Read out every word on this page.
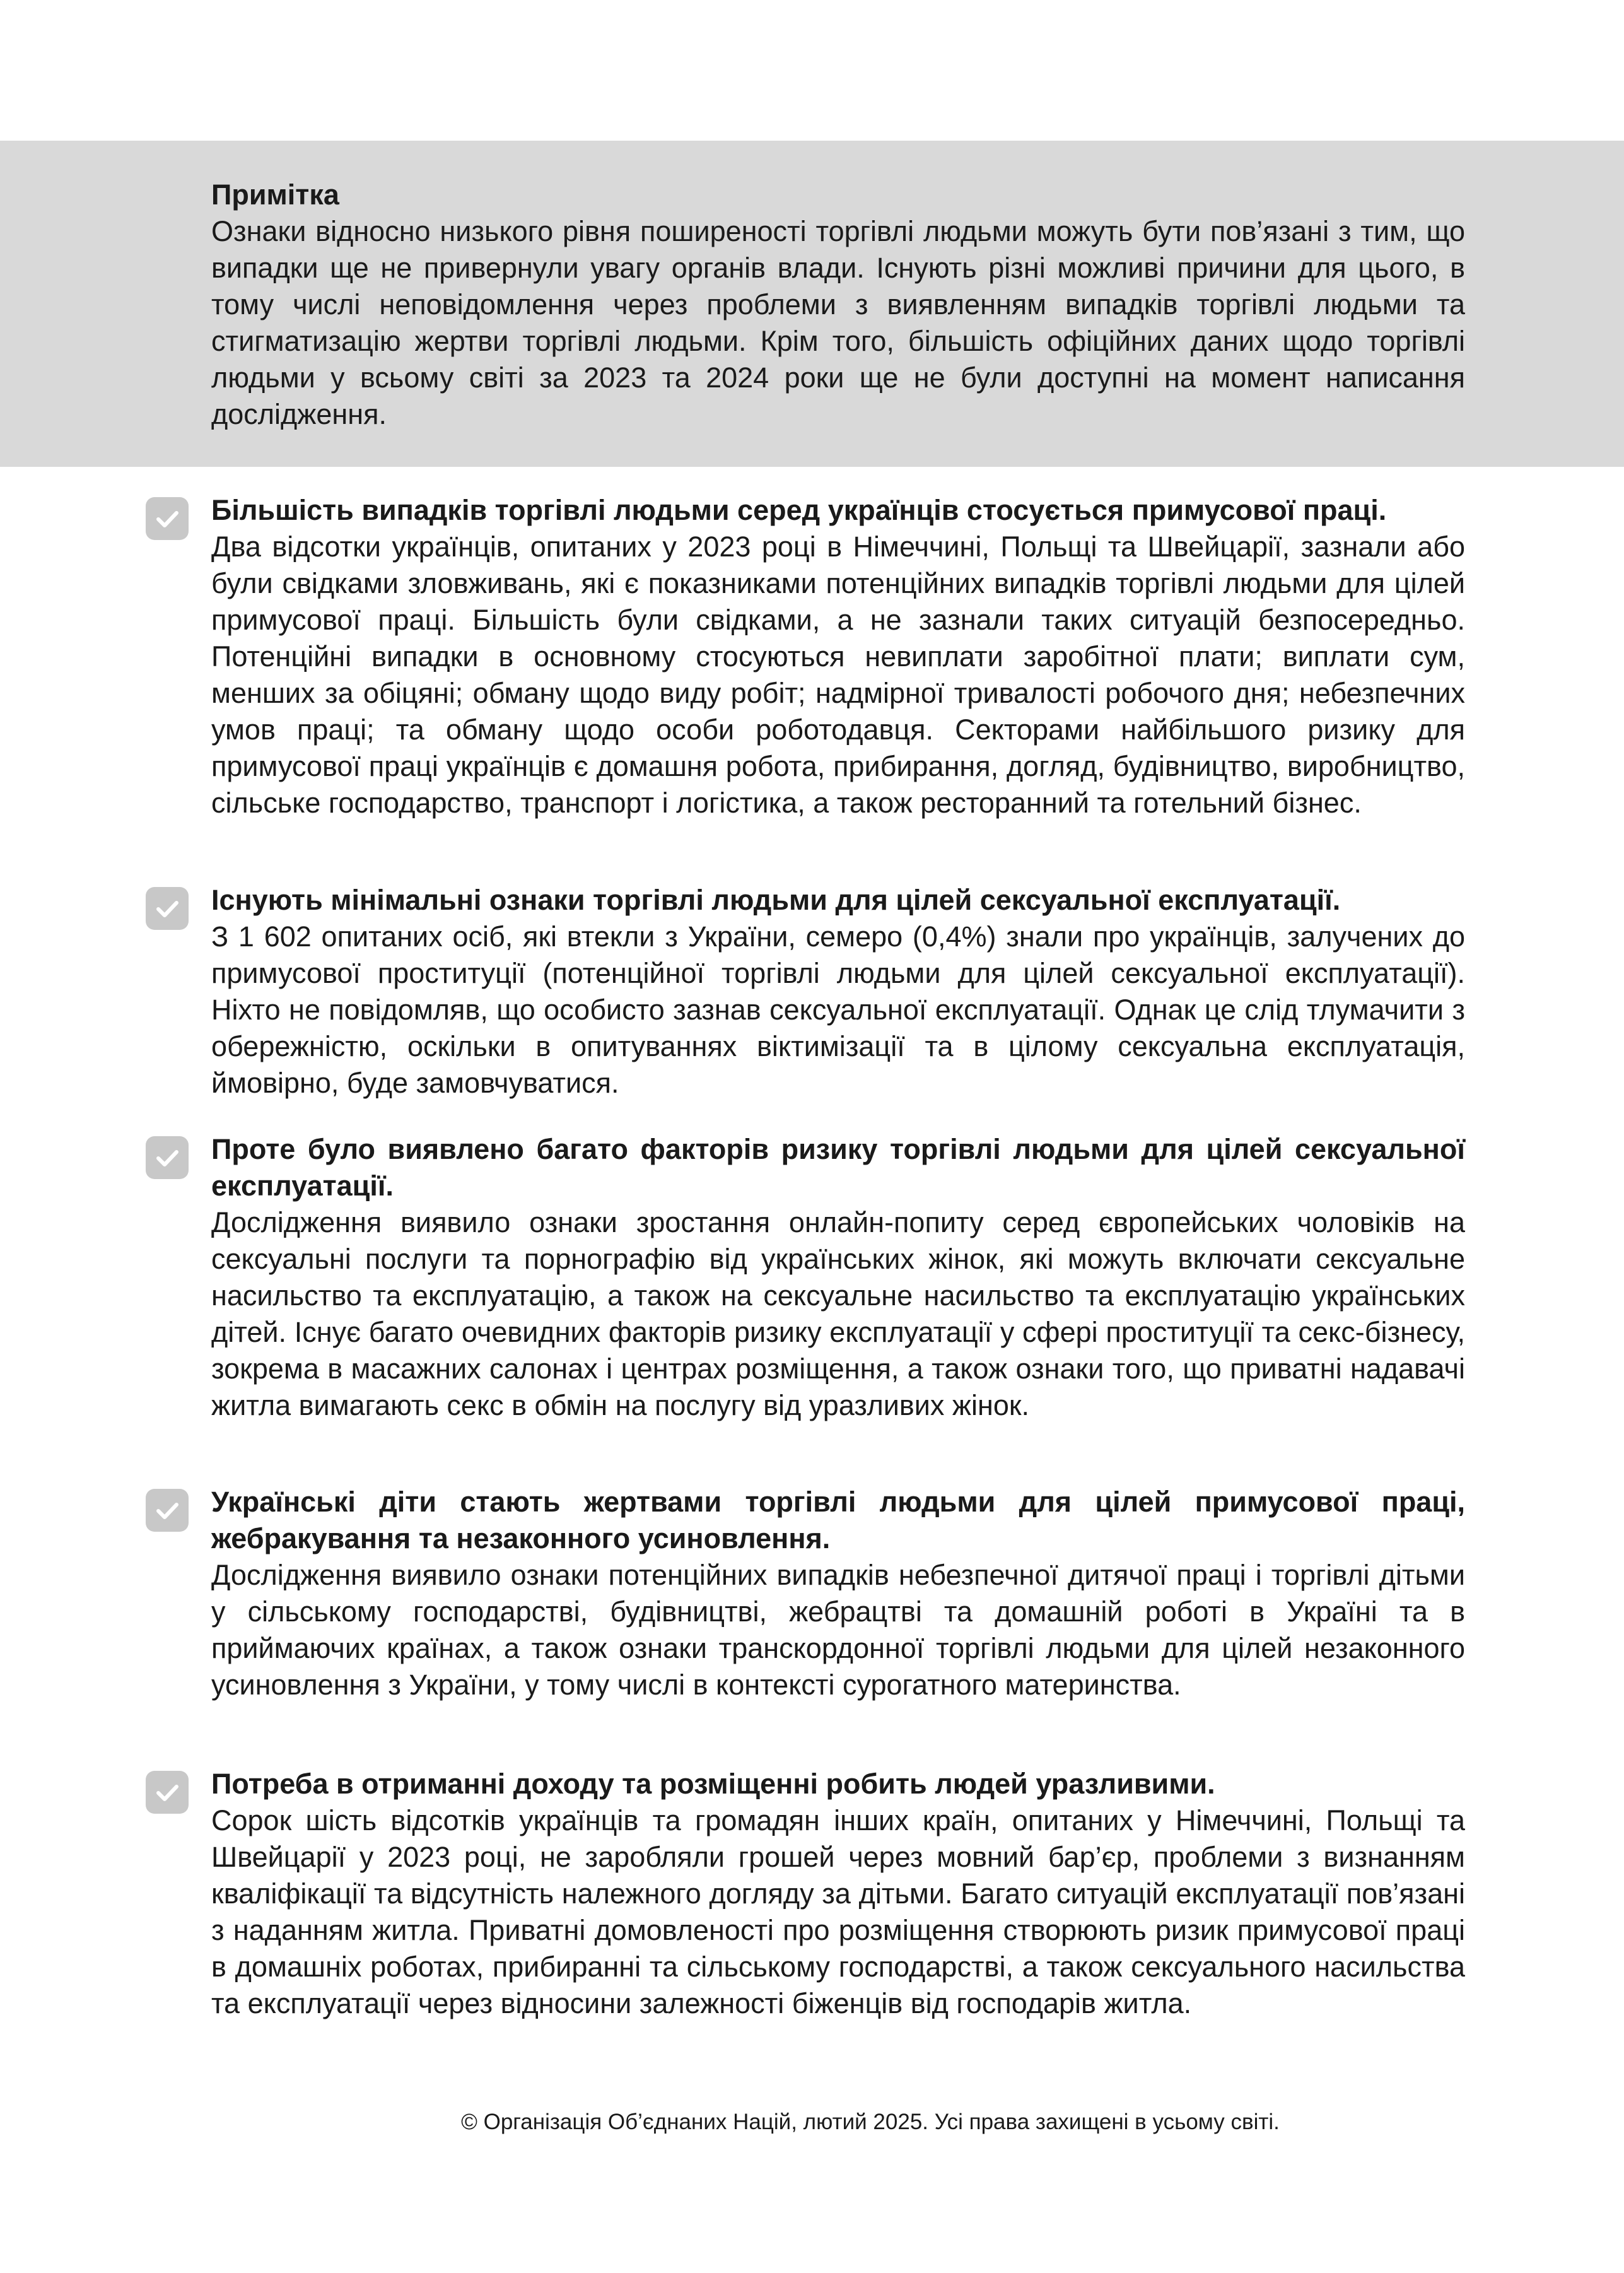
Примітка

Ознаки відносно низького рівня поширеності торгівлі людьми можуть бути пов’язані з тим, що випадки ще не привернули увагу органів влади. Існують різні можливі причини для цього, в тому числі неповідомлення через проблеми з виявленням випадків торгівлі людьми та стигматизацію жертви торгівлі людьми. Крім того, більшість офіційних даних щодо торгівлі людьми у всьому світі за 2023 та 2024 роки ще не були доступні на момент написання дослідження.

Більшість випадків торгівлі людьми серед українців стосується примусової праці.

Два відсотки українців, опитаних у 2023 році в Німеччині, Польщі та Швейцарії, зазнали або були свідками зловживань, які є показниками потенційних випадків торгівлі людьми для цілей примусової праці. Більшість були свідками, а не зазнали таких ситуацій безпосередньо. Потенційні випадки в основному стосуються невиплати заробітної плати; виплати сум, менших за обіцяні; обману щодо виду робіт; надмірної тривалості робочого дня; небезпечних умов праці; та обману щодо особи роботодавця. Секторами найбільшого ризику для примусової праці українців є домашня робота, прибирання, догляд, будівництво, виробництво, сільське господарство, транспорт і логістика, а також ресторанний та готельний бізнес.

Існують мінімальні ознаки торгівлі людьми для цілей сексуальної експлуатації.

З 1 602 опитаних осіб, які втекли з України, семеро (0,4%) знали про українців, залучених до примусової проституції (потенційної торгівлі людьми для цілей сексуальної експлуатації). Ніхто не повідомляв, що особисто зазнав сексуальної експлуатації. Однак це слід тлумачити з обережністю, оскільки в опитуваннях віктимізації та в цілому сексуальна експлуатація, ймовірно, буде замовчуватися.

Проте було виявлено багато факторів ризику торгівлі людьми для цілей сексуальної експлуатації.

Дослідження виявило ознаки зростання онлайн-попиту серед європейських чоловіків на сексуальні послуги та порнографію від українських жінок, які можуть включати сексуальне насильство та експлуатацію, а також на сексуальне насильство та експлуатацію українських дітей. Існує багато очевидних факторів ризику експлуатації у сфері проституції та секс-бізнесу, зокрема в масажних салонах і центрах розміщення, а також ознаки того, що приватні надавачі житла вимагають секс в обмін на послугу від уразливих жінок.

Українські діти стають жертвами торгівлі людьми для цілей примусової праці, жебракування та незаконного усиновлення.

Дослідження виявило ознаки потенційних випадків небезпечної дитячої праці і торгівлі дітьми у сільському господарстві, будівництві, жебрацтві та домашній роботі в Україні та в приймаючих країнах, а також ознаки транскордонної торгівлі людьми для цілей незаконного усиновлення з України, у тому числі в контексті сурогатного материнства.

Потреба в отриманні доходу та розміщенні робить людей уразливими.

Сорок шість відсотків українців та громадян інших країн, опитаних у Німеччині, Польщі та Швейцарії у 2023 році, не заробляли грошей через мовний бар’єр, проблеми з визнанням кваліфікації та відсутність належного догляду за дітьми. Багато ситуацій експлуатації пов’язані з наданням житла. Приватні домовленості про розміщення створюють ризик примусової праці в домашніх роботах, прибиранні та сільському господарстві, а також сексуального насильства та експлуатації через відносини залежності біженців від господарів житла.

© Організація Об’єднаних Націй, лютий 2025. Усі права захищені в усьому світі.
